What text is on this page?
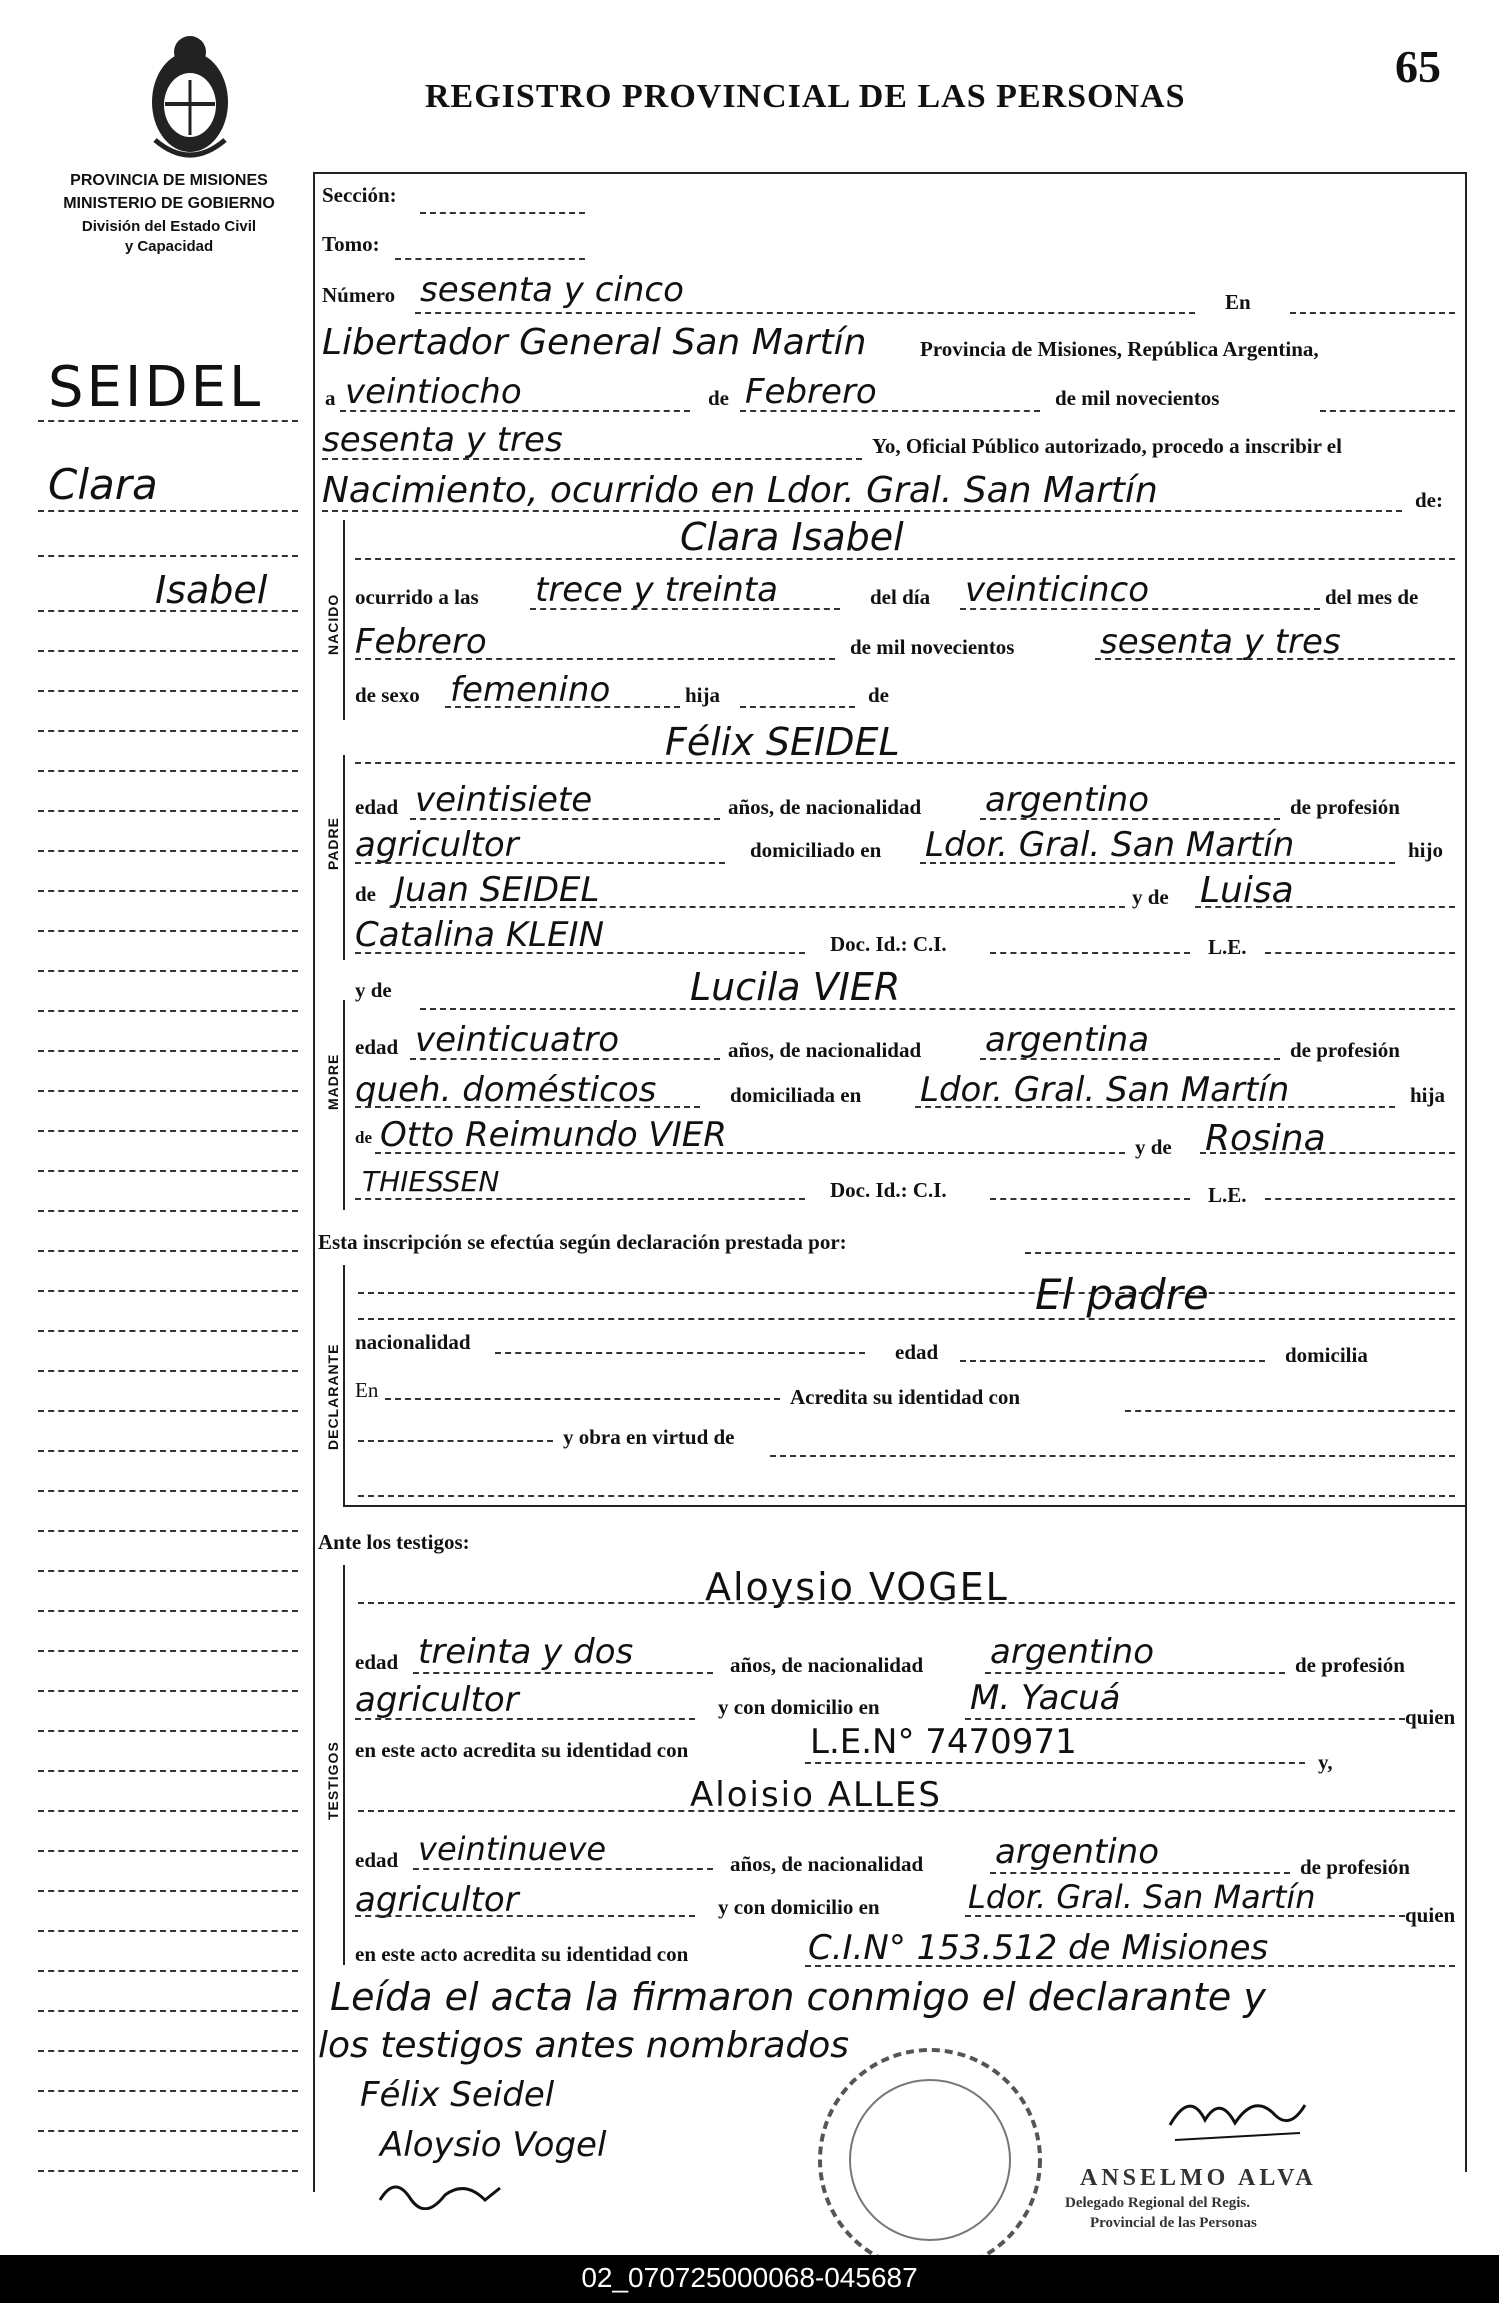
65
REGISTRO PROVINCIAL DE LAS PERSONAS
PROVINCIA DE MISIONES
MINISTERIO DE GOBIERNO
División del Estado Civil
y Capacidad
NACIDO
PADRE
MADRE
DECLARANTE
TESTIGOS
SEIDEL
Clara
Isabel
Sección:
Tomo:
Número sesenta y cinco	En
Libertador General San Martín	Provincia de Misiones, República Argentina,
a veintiocho	de Febrero	de mil novecientos
sesenta y tres	Yo, Oficial Público autorizado, procedo a inscribir el
Nacimiento, ocurrido en Ldor. Gral. San Martín	de:
Clara Isabel
ocurrido a las trece y treinta	del día veinticinco	del mes de
Febrero	de mil novecientos	sesenta y tres
de sexo femenino	hija	de
Félix SEIDEL
edad veintisiete	años, de nacionalidad argentino	de profesión
agricultor	domiciliado en Ldor. Gral. San Martín	hijo
de Juan SEIDEL	y de Luisa
Catalina KLEIN	Doc. Id.: C.I.	L.E.
y de	Lucila VIER
edad veinticuatro	años, de nacionalidad argentina	de profesión
queh. domésticos	domiciliada en Ldor. Gral. San Martín	hija
de Otto Reimundo VIER	y de Rosina
THIESSEN	Doc. Id.: C.I.	L.E.
Esta inscripción se efectúa según declaración prestada por:
El padre
nacionalidad	edad	domicilia
En	Acredita su identidad con
y obra en virtud de
Ante los testigos:
Aloysio VOGEL
edad treinta y dos	años, de nacionalidad argentino	de profesión
agricultor	y con domicilio en	M. Yacuá	quien
en este acto acredita su identidad con	L.E.N° 7470971	y,
Aloisio ALLES
edad veintinueve	años, de nacionalidad argentino	de profesión
agricultor	y con domicilio en	Ldor. Gral. San Martín	quien
en este acto acredita su identidad con	C.I.N° 153.512 de Misiones
Leída el acta la firmaron conmigo el declarante y
los testigos antes nombrados
Félix Seidel
Aloysio Vogel
ANSELMO ALVA
Delegado Regional del Regis.
Provincial de las Personas
02_070725000068-045687
